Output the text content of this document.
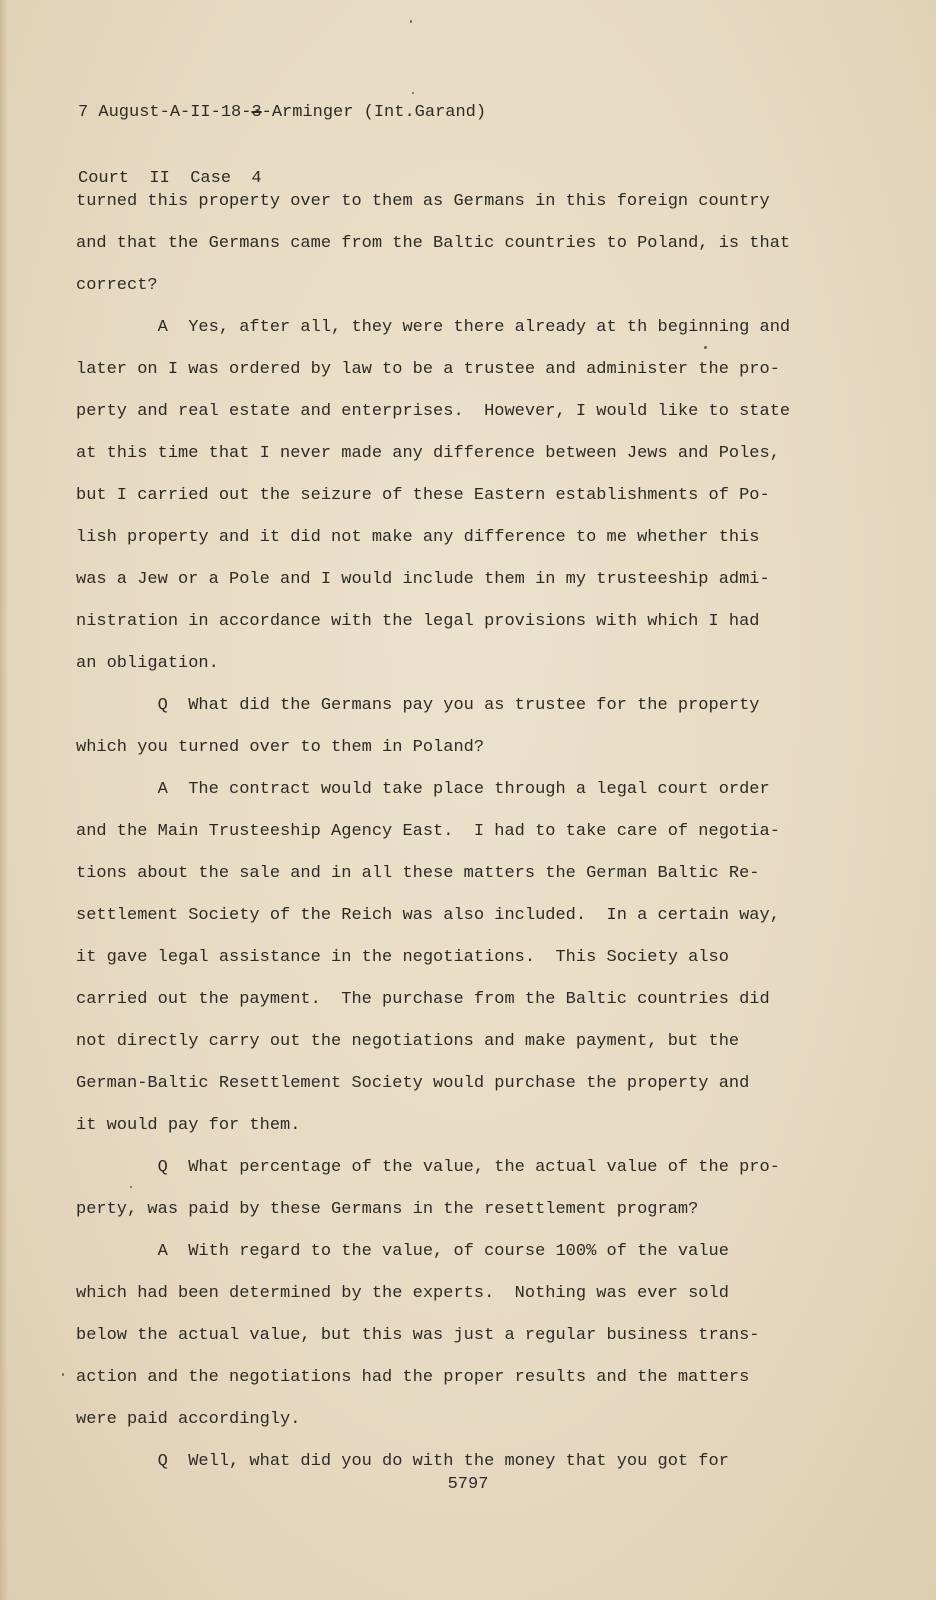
7 August-A-II-18-3-Arminger (Int.Garand)

Court  II  Case  4

turned this property over to them as Germans in this foreign country

and that the Germans came from the Baltic countries to Poland, is that

correct?

A  Yes, after all, they were there already at th beginning and

later on I was ordered by law to be a trustee and administer the pro-

perty and real estate and enterprises.  However, I would like to state

at this time that I never made any difference between Jews and Poles,

but I carried out the seizure of these Eastern establishments of Po-

lish property and it did not make any difference to me whether this

was a Jew or a Pole and I would include them in my trusteeship admi-

nistration in accordance with the legal provisions with which I had

an obligation.

Q  What did the Germans pay you as trustee for the property

which you turned over to them in Poland?

A  The contract would take place through a legal court order

and the Main Trusteeship Agency East.  I had to take care of negotia-

tions about the sale and in all these matters the German Baltic Re-

settlement Society of the Reich was also included.  In a certain way,

it gave legal assistance in the negotiations.  This Society also

carried out the payment.  The purchase from the Baltic countries did

not directly carry out the negotiations and make payment, but the

German-Baltic Resettlement Society would purchase the property and

it would pay for them.

Q  What percentage of the value, the actual value of the pro-

perty, was paid by these Germans in the resettlement program?

A  With regard to the value, of course 100% of the value

which had been determined by the experts.  Nothing was ever sold

below the actual value, but this was just a regular business trans-

action and the negotiations had the proper results and the matters

were paid accordingly.

Q  Well, what did you do with the money that you got for

5797
